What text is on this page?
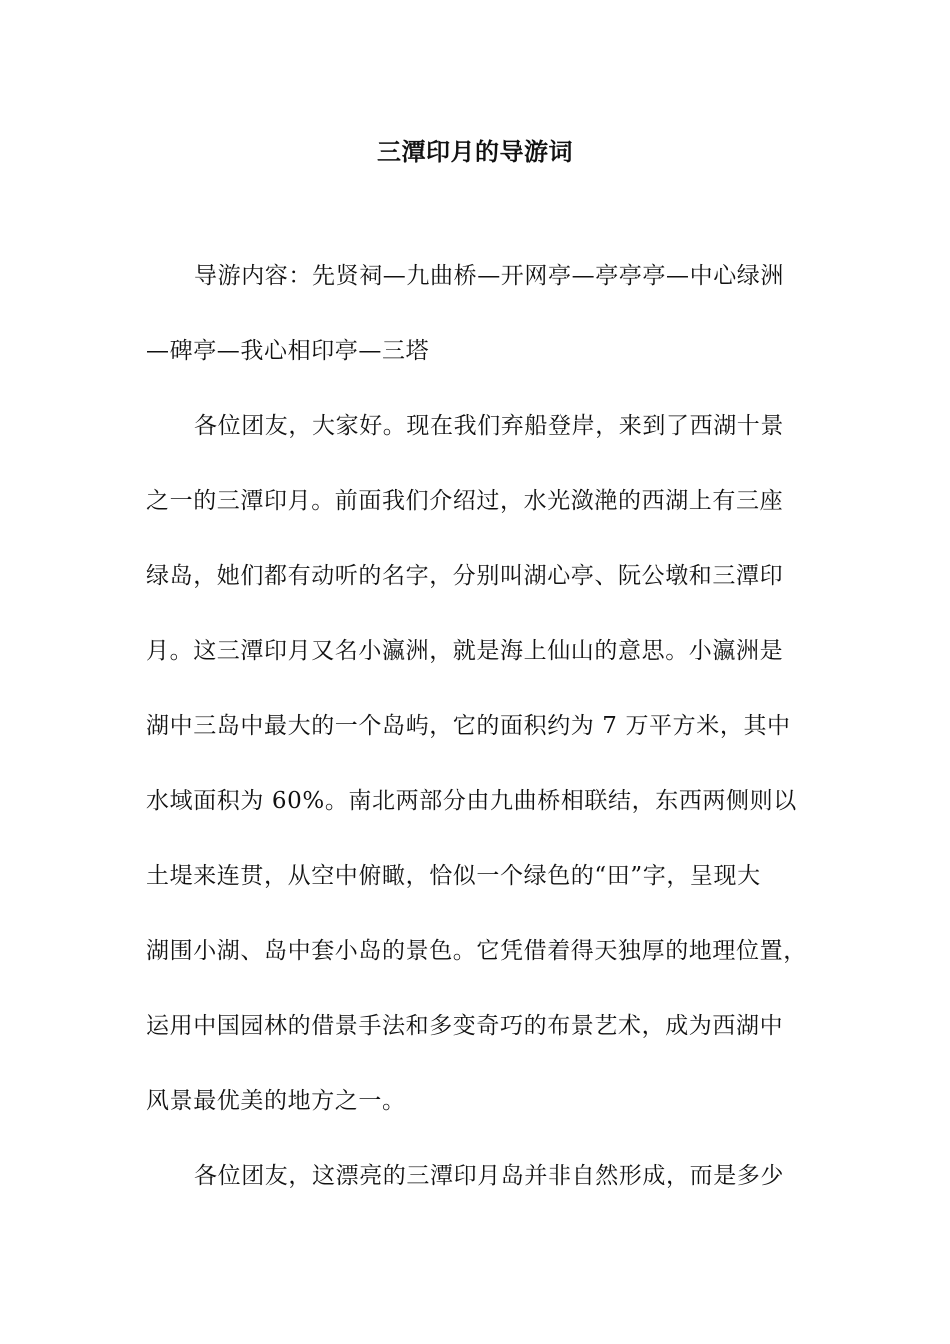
三潭印月的导游词
导游内容：先贤祠—九曲桥—开网亭—亭亭亭—中心绿洲
—碑亭—我心相印亭—三塔
各位团友，大家好。现在我们弃船登岸，来到了西湖十景
之一的三潭印月。前面我们介绍过，水光潋滟的西湖上有三座
绿岛，她们都有动听的名字，分别叫湖心亭、阮公墩和三潭印
月。这三潭印月又名小瀛洲，就是海上仙山的意思。小瀛洲是
湖中三岛中最大的一个岛屿，它的面积约为 7 万平方米，其中
水域面积为 60%。南北两部分由九曲桥相联结，东西两侧则以
土堤来连贯，从空中俯瞰，恰似一个绿色的“田”字，呈现大
湖围小湖、岛中套小岛的景色。它凭借着得天独厚的地理位置，
运用中国园林的借景手法和多变奇巧的布景艺术，成为西湖中
风景最优美的地方之一。
各位团友，这漂亮的三潭印月岛并非自然形成，而是多少
